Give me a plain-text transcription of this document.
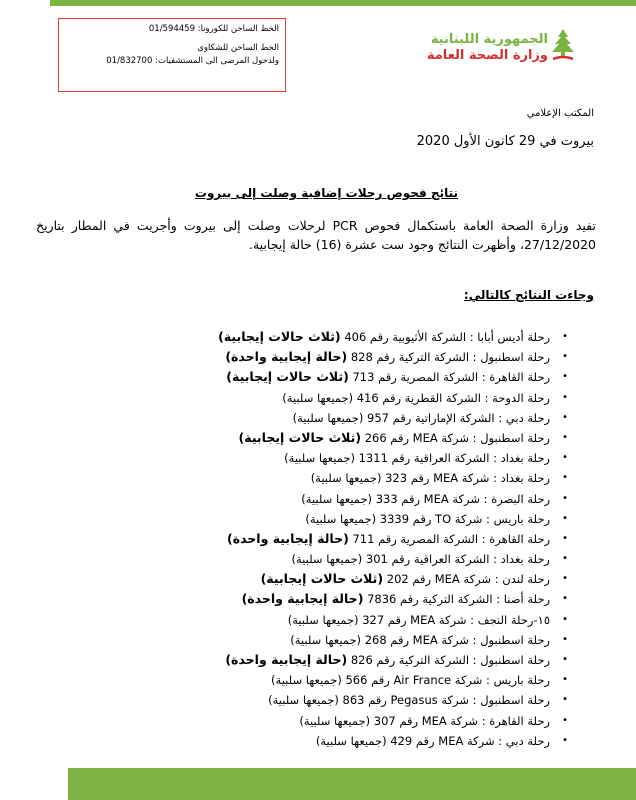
الخط الساخن للكورونا: 01/594459
الخط الساخن للشكاوى
ولدخول المرضى الى المستشفيات: 01/832700
الجمهورية اللبنانية
وزارة الصحة العامة
المكتب الإعلامي
بيروت في 29 كانون الأول 2020
نتائج فحوص رحلات إضافية وصلت إلى بيروت
تفيد وزارة الصحة العامة باستكمال فحوص PCR لرحلات وصلت إلى بيروت وأجريت في المطار بتاريخ 27/12/2020، وأظهرت النتائج وجود ست عشرة (16) حالة إيجابية.
وجاءت النتائج كالتالي:
•
رحلة أديس أبابا : الشركة الأثيوبية رقم 406 (ثلاث حالات إيجابية)
•
رحلة اسطنبول : الشركة التركية رقم 828 (حالة إيجابية واحدة)
•
رحلة القاهرة : الشركة المصرية رقم 713 (ثلاث حالات إيجابية)
•
رحلة الدوحة : الشركة القطرية رقم 416 (جميعها سلبية)
•
رحلة دبي : الشركة الإماراتية رقم 957 (جميعها سلبية)
•
رحلة اسطنبول : شركة MEA رقم 266 (ثلاث حالات إيجابية)
•
رحلة بغداد : الشركة العراقية رقم 1311 (جميعها سلبية)
•
رحلة بغداد : شركة MEA رقم 323 (جميعها سلبية)
•
رحلة البصرة : شركة MEA رقم 333 (جميعها سلبية)
•
رحلة باريس : شركة TO رقم 3339 (جميعها سلبية)
•
رحلة القاهرة : الشركة المصرية رقم 711 (حالة إيجابية واحدة)
•
رحلة بغداد : الشركة العراقية رقم 301 (جميعها سلبية)
•
رحلة لندن : شركة MEA رقم 202 (ثلاث حالات إيجابية)
•
رحلة أضنا : الشركة التركية رقم 7836 (حالة إيجابية واحدة)
•
١٥-رحلة النجف : شركة MEA رقم 327 (جميعها سلبية)
•
رحلة اسطنبول : شركة MEA رقم 268 (جميعها سلبية)
•
رحلة اسطنبول : الشركة التركية رقم 826 (حالة إيجابية واحدة)
•
رحلة باريس : شركة Air France رقم 566 (جميعها سلبية)
•
رحلة اسطنبول : شركة Pegasus رقم 863 (جميعها سلبية)
•
رحلة القاهرة : شركة MEA رقم 307 (جميعها سلبية)
•
رحلة دبي : شركة MEA رقم 429 (جميعها سلبية)
